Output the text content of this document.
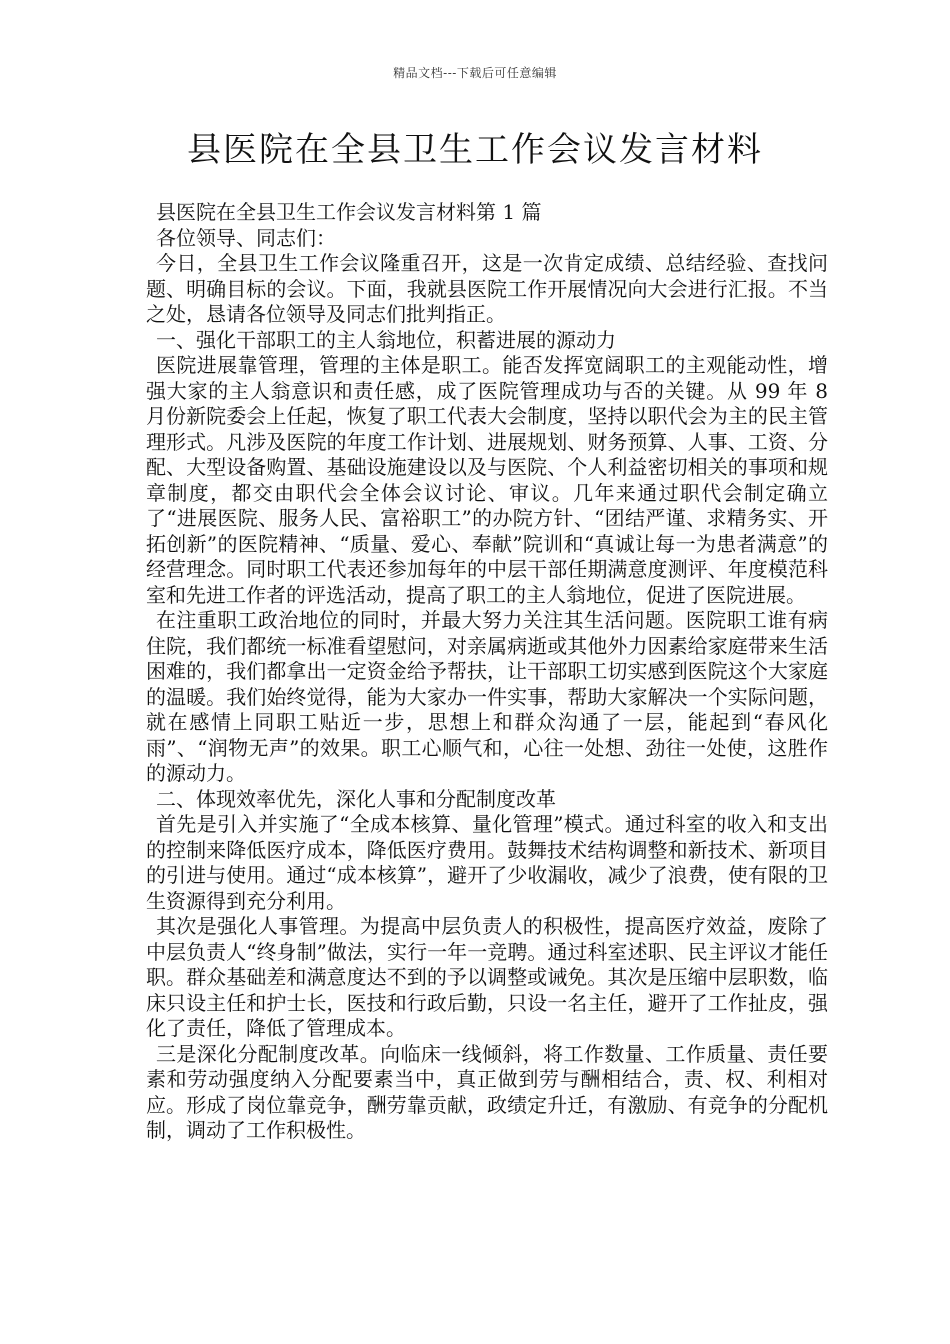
精品文档---下载后可任意编辑
县医院在全县卫生工作会议发言材料

县医院在全县卫生工作会议发言材料第 1 篇

各位领导、同志们：

今日，全县卫生工作会议隆重召开，这是一次肯定成绩、总结经验、查找问题、明确目标的会议。下面，我就县医院工作开展情况向大会进行汇报。不当之处，恳请各位领导及同志们批判指正。

一、强化干部职工的主人翁地位，积蓄进展的源动力

医院进展靠管理，管理的主体是职工。能否发挥宽阔职工的主观能动性，增强大家的主人翁意识和责任感，成了医院管理成功与否的关键。从 99 年 8 月份新院委会上任起，恢复了职工代表大会制度，坚持以职代会为主的民主管理形式。凡涉及医院的年度工作计划、进展规划、财务预算、人事、工资、分配、大型设备购置、基础设施建设以及与医院、个人利益密切相关的事项和规章制度，都交由职代会全体会议讨论、审议。几年来通过职代会制定确立了“进展医院、服务人民、富裕职工”的办院方针、“团结严谨、求精务实、开拓创新”的医院精神、“质量、爱心、奉献”院训和“真诚让每一为患者满意”的经营理念。同时职工代表还参加每年的中层干部任期满意度测评、年度模范科室和先进工作者的评选活动，提高了职工的主人翁地位，促进了医院进展。

在注重职工政治地位的同时，并最大努力关注其生活问题。医院职工谁有病住院，我们都统一标准看望慰问，对亲属病逝或其他外力因素给家庭带来生活困难的，我们都拿出一定资金给予帮扶，让干部职工切实感到医院这个大家庭的温暖。我们始终觉得，能为大家办一件实事，帮助大家解决一个实际问题，就在感情上同职工贴近一步，思想上和群众沟通了一层，能起到“春风化雨”、“润物无声”的效果。职工心顺气和，心往一处想、劲往一处使，这胜作的源动力。

二、体现效率优先，深化人事和分配制度改革

首先是引入并实施了“全成本核算、量化管理”模式。通过科室的收入和支出的控制来降低医疗成本，降低医疗费用。鼓舞技术结构调整和新技术、新项目的引进与使用。通过“成本核算”，避开了少收漏收，减少了浪费，使有限的卫生资源得到充分利用。

其次是强化人事管理。为提高中层负责人的积极性，提高医疗效益，废除了中层负责人“终身制”做法，实行一年一竞聘。通过科室述职、民主评议才能任职。群众基础差和满意度达不到的予以调整或诫免。其次是压缩中层职数，临床只设主任和护士长，医技和行政后勤，只设一名主任，避开了工作扯皮，强化了责任，降低了管理成本。

三是深化分配制度改革。向临床一线倾斜，将工作数量、工作质量、责任要素和劳动强度纳入分配要素当中，真正做到劳与酬相结合，责、权、利相对应。形成了岗位靠竞争，酬劳靠贡献，政绩定升迁，有激励、有竞争的分配机制，调动了工作积极性。
